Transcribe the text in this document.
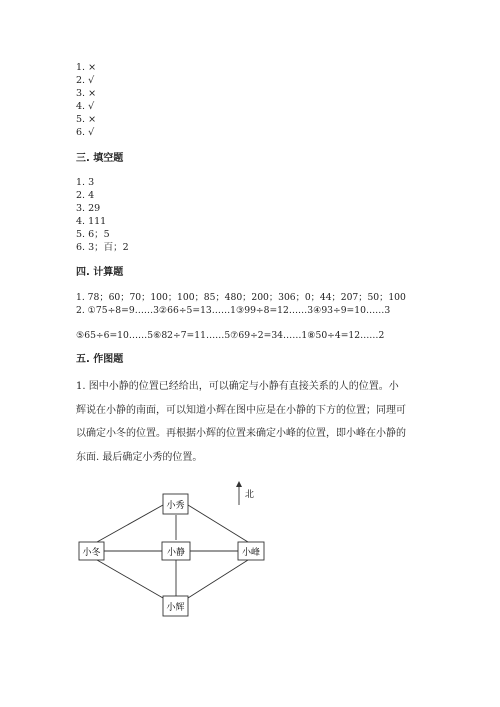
1. ×
2. √
3. ×
4. √
5. ×
6. √
三. 填空题
1. 3
2. 4
3. 29
4. 111
5. 6；5
6. 3；百；2
四. 计算题
1. 78；60；70；100；100；85；480；200；306；0；44；207；50；100
2. ①75÷8=9……3②66÷5=13……1③99÷8=12……3④93÷9=10……3
⑤65÷6=10……5⑥82÷7=11……5⑦69÷2=34……1⑧50÷4=12……2
五. 作图题
1. 图中小静的位置已经给出，可以确定与小静有直接关系的人的位置。小辉说在小静的南面，可以知道小辉在图中应是在小静的下方的位置；同理可以确定小冬的位置。再根据小辉的位置来确定小峰的位置，即小峰在小静的东面. 最后确定小秀的位置。
北
小秀
小冬	小静	小峰
小辉
